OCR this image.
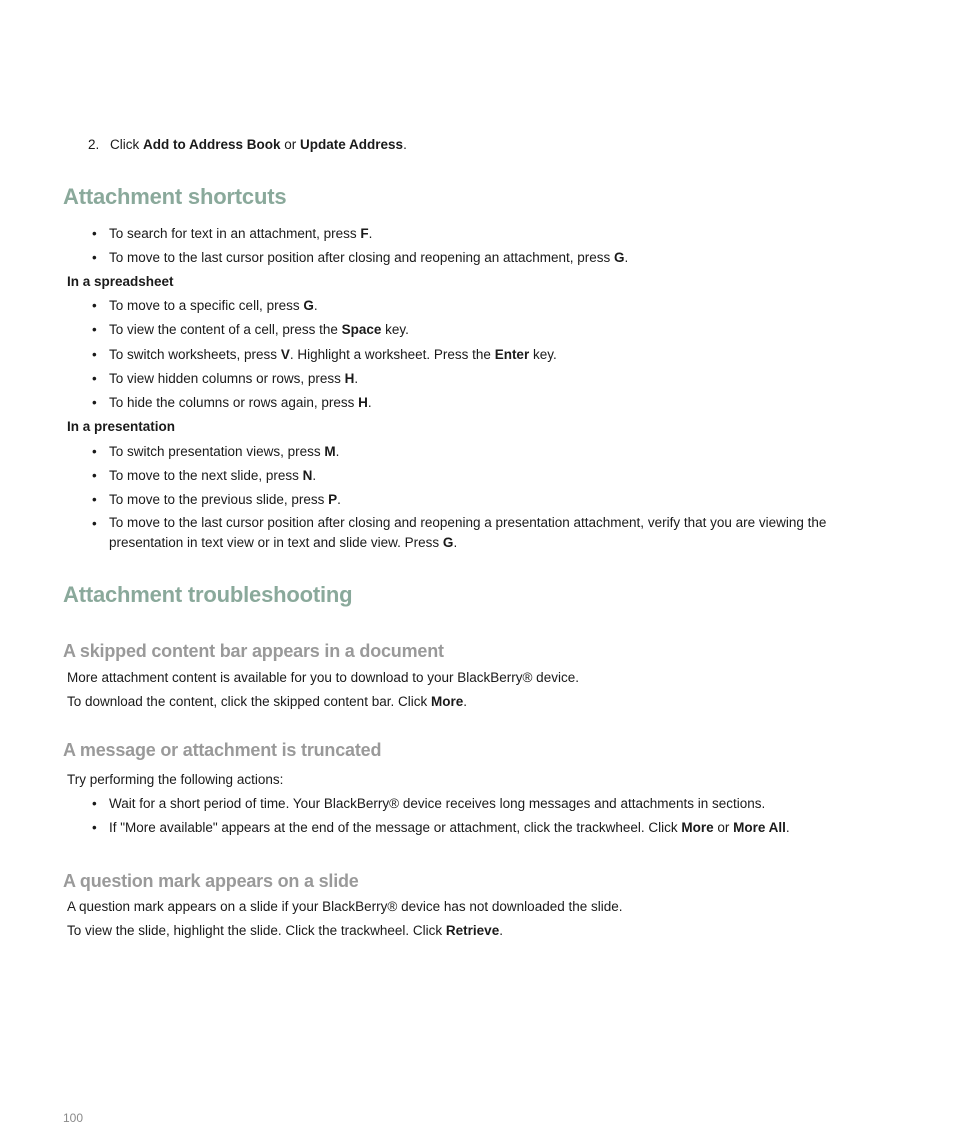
2. Click Add to Address Book or Update Address.
Attachment shortcuts
• To search for text in an attachment, press F.
• To move to the last cursor position after closing and reopening an attachment, press G.
In a spreadsheet
• To move to a specific cell, press G.
• To view the content of a cell, press the Space key.
• To switch worksheets, press V. Highlight a worksheet. Press the Enter key.
• To view hidden columns or rows, press H.
• To hide the columns or rows again, press H.
In a presentation
• To switch presentation views, press M.
• To move to the next slide, press N.
• To move to the previous slide, press P.
• To move to the last cursor position after closing and reopening a presentation attachment, verify that you are viewing the presentation in text view or in text and slide view. Press G.
Attachment troubleshooting
A skipped content bar appears in a document
More attachment content is available for you to download to your BlackBerry® device.
To download the content, click the skipped content bar. Click More.
A message or attachment is truncated
Try performing the following actions:
• Wait for a short period of time. Your BlackBerry® device receives long messages and attachments in sections.
• If "More available" appears at the end of the message or attachment, click the trackwheel. Click More or More All.
A question mark appears on a slide
A question mark appears on a slide if your BlackBerry® device has not downloaded the slide.
To view the slide, highlight the slide. Click the trackwheel. Click Retrieve.
100
